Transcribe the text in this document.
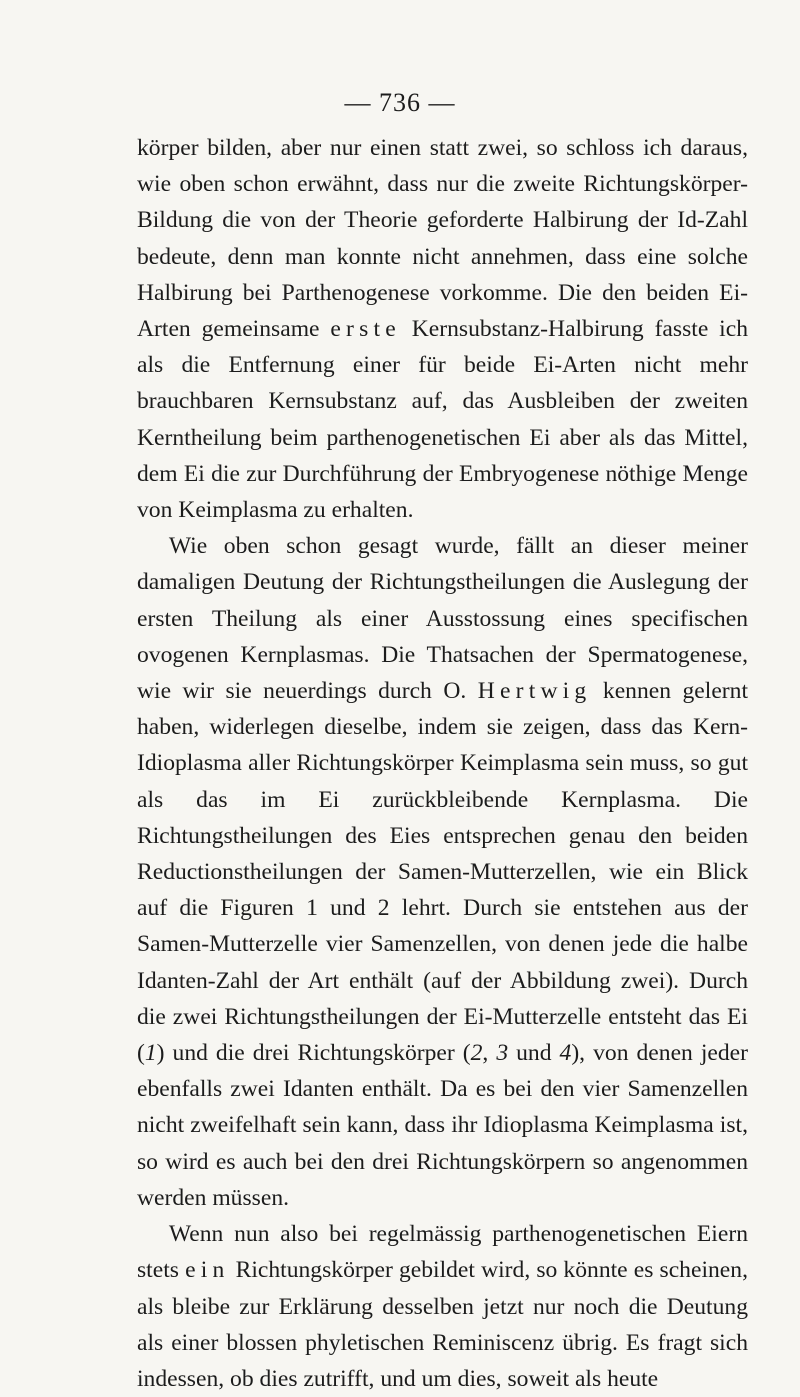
— 736 —

körper bilden, aber nur einen statt zwei, so schloss ich daraus, wie oben schon erwähnt, dass nur die zweite Richtungskörper-Bildung die von der Theorie geforderte Halbirung der Id-Zahl bedeute, denn man konnte nicht annehmen, dass eine solche Halbirung bei Parthenogenese vorkomme. Die den beiden Ei-Arten gemeinsame erste Kernsubstanz-Halbirung fasste ich als die Entfernung einer für beide Ei-Arten nicht mehr brauchbaren Kernsubstanz auf, das Ausbleiben der zweiten Kerntheilung beim parthenogenetischen Ei aber als das Mittel, dem Ei die zur Durchführung der Embryogenese nöthige Menge von Keimplasma zu erhalten.

Wie oben schon gesagt wurde, fällt an dieser meiner damaligen Deutung der Richtungstheilungen die Auslegung der ersten Theilung als einer Ausstossung eines specifischen ovogenen Kernplasmas. Die Thatsachen der Spermatogenese, wie wir sie neuerdings durch O. Hertwig kennen gelernt haben, widerlegen dieselbe, indem sie zeigen, dass das Kern-Idioplasma aller Richtungskörper Keimplasma sein muss, so gut als das im Ei zurückbleibende Kernplasma. Die Richtungstheilungen des Eies entsprechen genau den beiden Reductionstheilungen der Samen-Mutterzellen, wie ein Blick auf die Figuren 1 und 2 lehrt. Durch sie entstehen aus der Samen-Mutterzelle vier Samenzellen, von denen jede die halbe Idanten-Zahl der Art enthält (auf der Abbildung zwei). Durch die zwei Richtungstheilungen der Ei-Mutterzelle entsteht das Ei (1) und die drei Richtungskörper (2, 3 und 4), von denen jeder ebenfalls zwei Idanten enthält. Da es bei den vier Samenzellen nicht zweifelhaft sein kann, dass ihr Idioplasma Keimplasma ist, so wird es auch bei den drei Richtungskörpern so angenommen werden müssen.

Wenn nun also bei regelmässig parthenogenetischen Eiern stets ein Richtungskörper gebildet wird, so könnte es scheinen, als bleibe zur Erklärung desselben jetzt nur noch die Deutung als einer blossen phyletischen Reminiscenz übrig. Es fragt sich indessen, ob dies zutrifft, und um dies, soweit als heute
